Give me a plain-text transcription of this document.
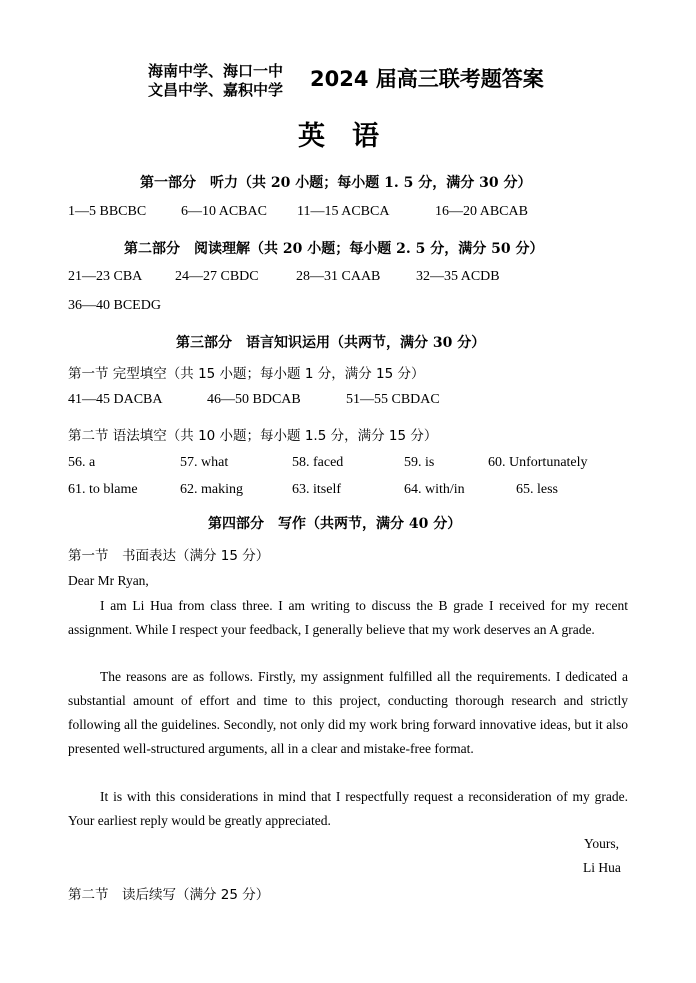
海南中学、海口一中
文昌中学、嘉积中学 2024 届高三联考题答案
英　语
第一部分　听力（共 20 小题；每小题 1. 5 分，满分 30 分）
1—5 BBCBC 6—10 ACBAC 11—15 ACBCA	16—20 ABCAB
第二部分　阅读理解（共 20 小题；每小题 2. 5 分，满分 50 分）
21—23 CBA 24—27 CBDC	28—31 CAAB	32—35 ACDB
36—40 BCEDG
第三部分　语言知识运用（共两节，满分 30 分）
第一节 完型填空（共 15 小题；每小题 1 分，满分 15 分）
41—45 DACBA	46—50 BDCAB	51—55 CBDAC
第二节 语法填空（共 10 小题；每小题 1.5 分，满分 15 分）
56. a	57. what	58. faced	59. is	60. Unfortunately
61. to blame	62. making	63. itself	64. with/in	65. less
第四部分　写作（共两节，满分 40 分）
第一节　书面表达（满分 15 分）
Dear Mr Ryan,
I am Li Hua from class three. I am writing to discuss the B grade I received for my recent assignment. While I respect your feedback, I generally believe that my work deserves an A grade.
The reasons are as follows. Firstly, my assignment fulfilled all the requirements. I dedicated a substantial amount of effort and time to this project, conducting thorough research and strictly following all the guidelines. Secondly, not only did my work bring forward innovative ideas, but it also presented well-structured arguments, all in a clear and mistake-free format.
It is with this considerations in mind that I respectfully request a reconsideration of my grade. Your earliest reply would be greatly appreciated.
Yours,
Li Hua
第二节　读后续写（满分 25 分）
